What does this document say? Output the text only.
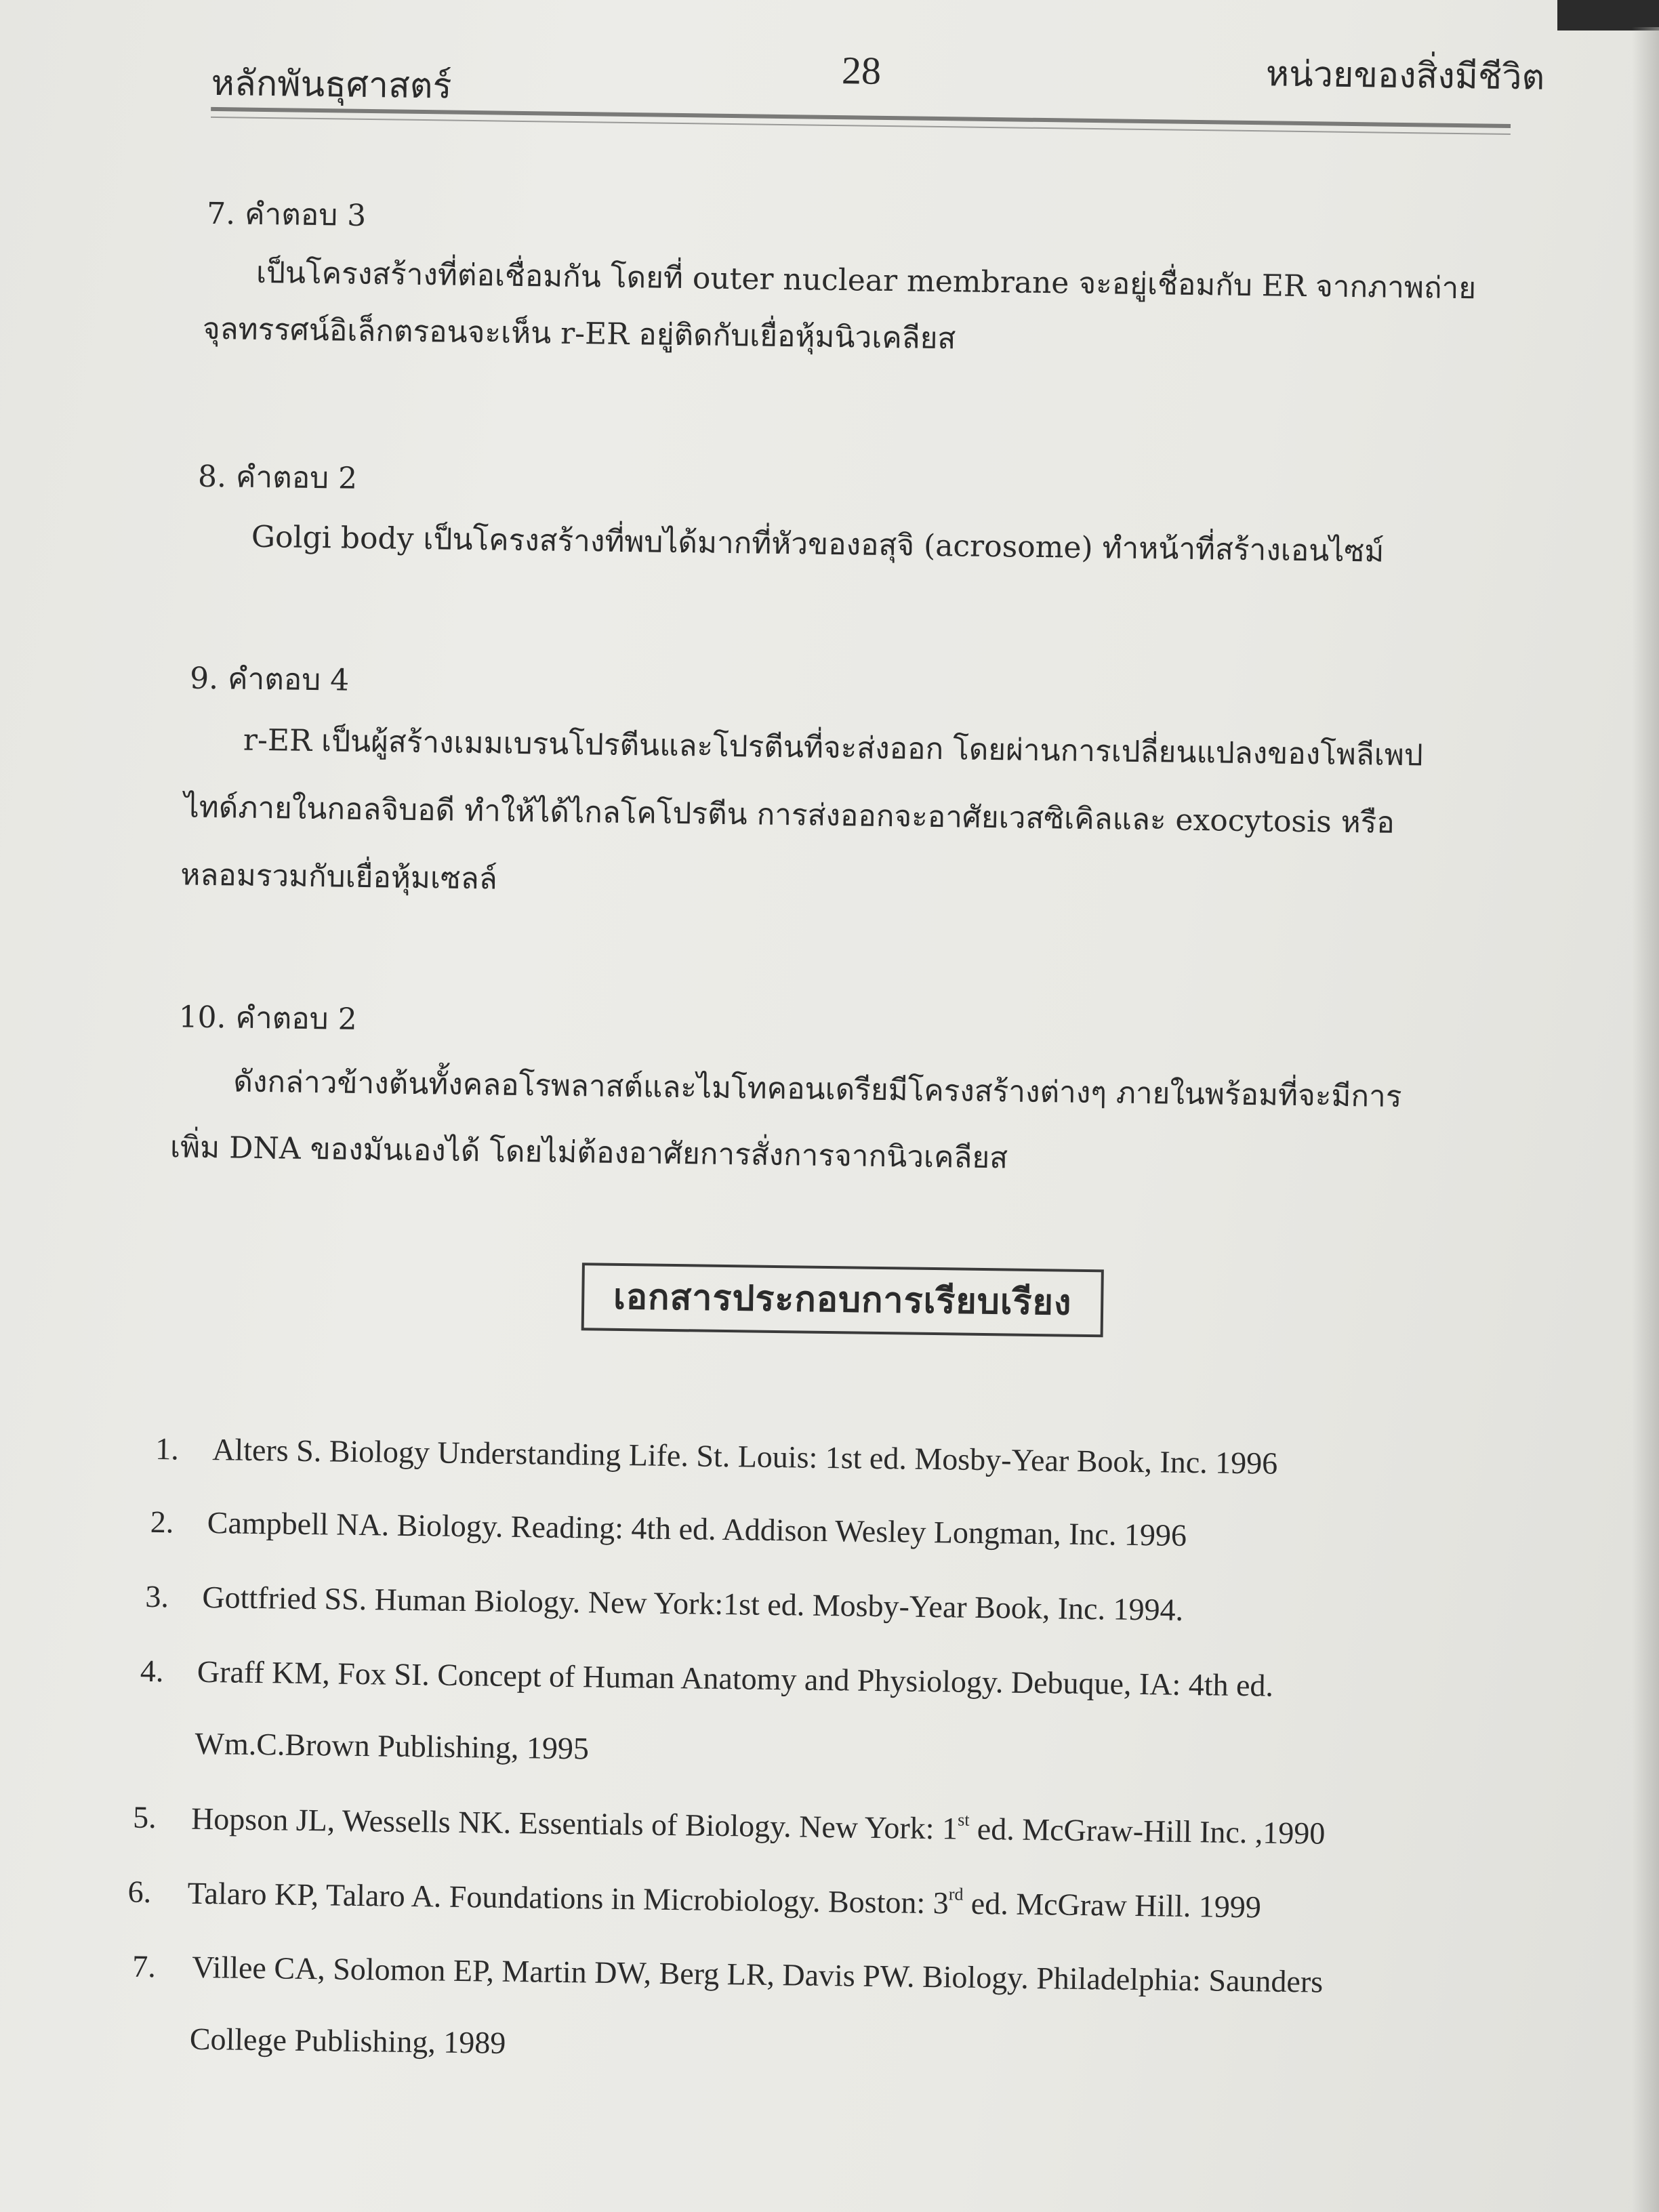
หลักพันธุศาสตร์	28	หน่วยของสิ่งมีชีวิต
7. คำตอบ 3
เป็นโครงสร้างที่ต่อเชื่อมกัน โดยที่ outer nuclear membrane จะอยู่เชื่อมกับ ER จากภาพถ่าย
จุลทรรศน์อิเล็กตรอนจะเห็น r-ER อยู่ติดกับเยื่อหุ้มนิวเคลียส
8. คำตอบ 2
Golgi body เป็นโครงสร้างที่พบได้มากที่หัวของอสุจิ (acrosome) ทำหน้าที่สร้างเอนไซม์
9. คำตอบ 4
r-ER เป็นผู้สร้างเมมเบรนโปรตีนและโปรตีนที่จะส่งออก โดยผ่านการเปลี่ยนแปลงของโพลีเพป
ไทด์ภายในกอลจิบอดี ทำให้ได้ไกลโคโปรตีน การส่งออกจะอาศัยเวสซิเคิลและ exocytosis หรือ
หลอมรวมกับเยื่อหุ้มเซลล์
10. คำตอบ 2
ดังกล่าวข้างต้นทั้งคลอโรพลาสต์และไมโทคอนเดรียมีโครงสร้างต่างๆ ภายในพร้อมที่จะมีการ
เพิ่ม DNA ของมันเองได้ โดยไม่ต้องอาศัยการสั่งการจากนิวเคลียส
เอกสารประกอบการเรียบเรียง
1. Alters S. Biology Understanding Life. St. Louis: 1st ed. Mosby-Year Book, Inc. 1996
2. Campbell NA. Biology. Reading: 4th ed. Addison Wesley Longman, Inc. 1996
3. Gottfried SS. Human Biology. New York:1st ed. Mosby-Year Book, Inc. 1994.
4. Graff KM, Fox SI. Concept of Human Anatomy and Physiology. Debuque, IA: 4th ed.
Wm.C.Brown Publishing, 1995
5. Hopson JL, Wessells NK. Essentials of Biology. New York: 1st ed. McGraw-Hill Inc. ,1990
6. Talaro KP, Talaro A. Foundations in Microbiology. Boston: 3rd ed. McGraw Hill. 1999
7. Villee CA, Solomon EP, Martin DW, Berg LR, Davis PW. Biology. Philadelphia: Saunders
College Publishing, 1989
